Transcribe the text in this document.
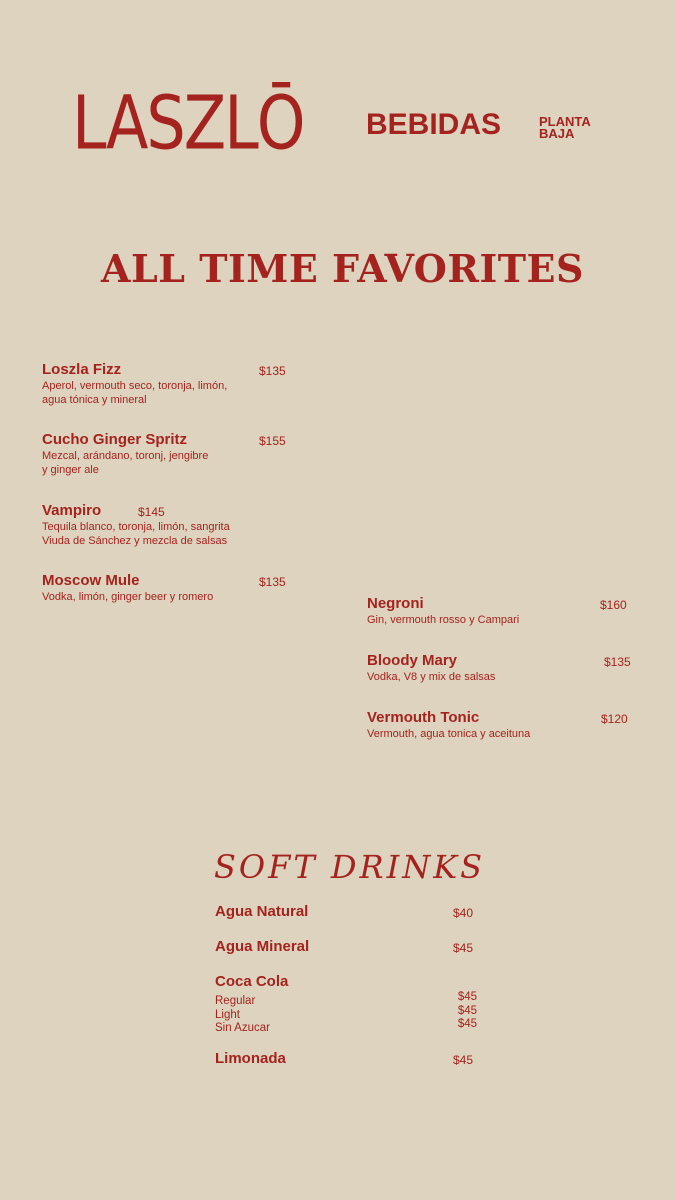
LASZLŌ BEBIDAS	PLANTA
BAJA
ALL TIME FAVORITES
Loszla Fizz
Aperol, vermouth seco, toronja, limón,
agua tónica y mineral
$135
Cucho Ginger Spritz
Mezcal, arándano, toronj, jengibre
y ginger ale
$155
Vampiro
Tequila blanco, toronja, limón, sangrita
Viuda de Sánchez y mezcla de salsas
$145
Moscow Mule
Vodka, limón, ginger beer y romero
$135
Negroni
Gin, vermouth rosso y Campari
$160
Bloody Mary
Vodka, V8 y mix de salsas
$135
Vermouth Tonic
Vermouth, agua tonica y aceituna
$120
SOFT DRINKS
Agua Natural	$40
Agua Mineral	$45
Coca Cola
Regular	$45
Light	$45
Sin Azucar	$45
Limonada	$45
